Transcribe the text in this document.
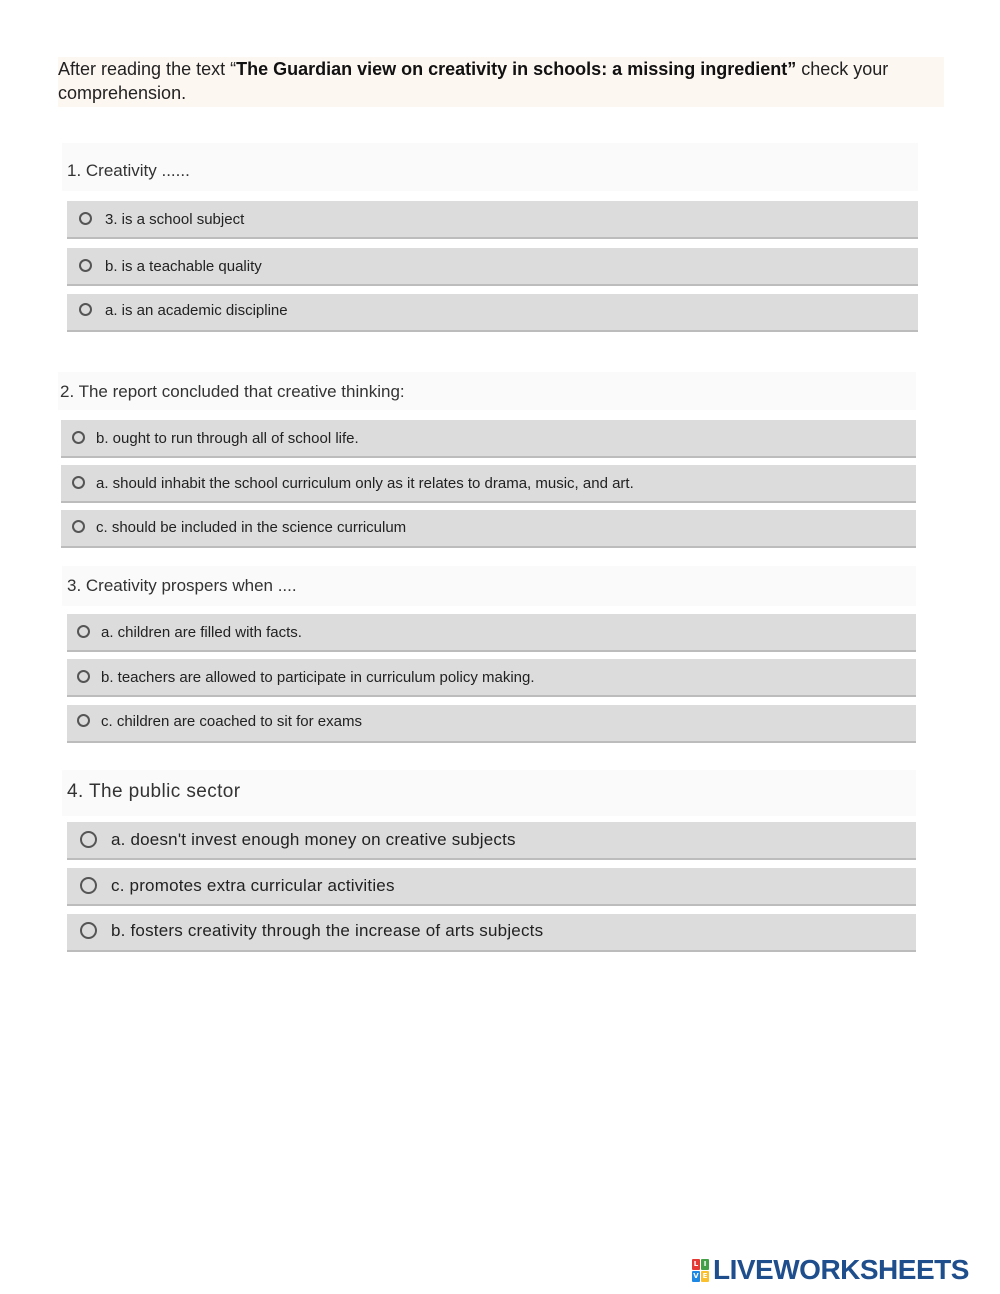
After reading the text “The Guardian view on creativity in schools: a missing ingredient” check your comprehension.
1. Creativity ......
3. is a school subject
b. is a teachable quality
a. is an academic discipline
2. The report concluded that creative thinking:
b. ought to run through all of school life.
a. should inhabit the school curriculum only as it relates to drama, music, and art.
c. should be included in the science curriculum
3. Creativity prospers when ....
a. children are filled with facts.
b. teachers are allowed to participate in curriculum policy making.
c. children are coached to sit for exams
4. The public sector
a. doesn't invest enough money on creative subjects
c. promotes extra curricular activities
b. fosters creativity through the increase of arts subjects
L I
V E LIVEWORKSHEETS
